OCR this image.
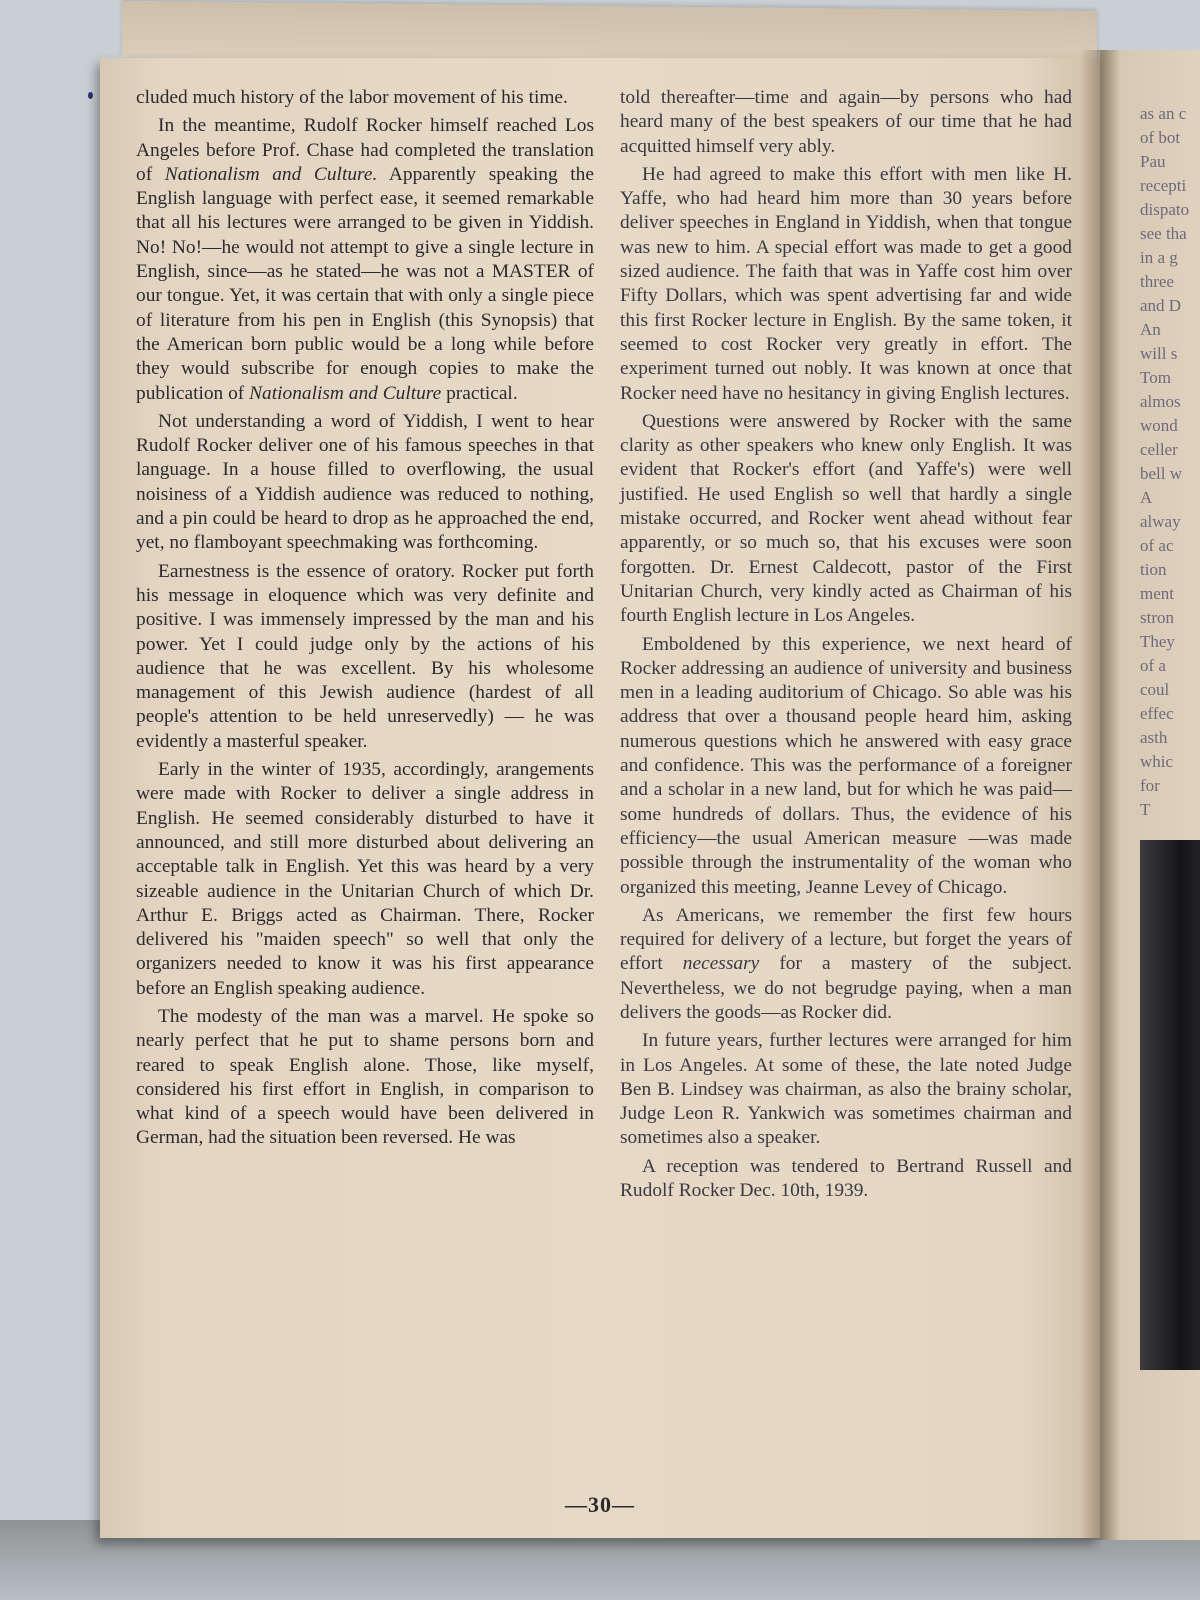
as an c
of bot
Pau
recepti
dispato
see tha
in a g
three
and D
An
will s
Tom
almos
wond
celler
bell w
A
alway
of ac
tion
ment
stron
They
of a
coul
effec
asth
whic
for
T

cluded much history of the labor movement of his time.

In the meantime, Rudolf Rocker himself reached Los Angeles before Prof. Chase had completed the translation of Nationalism and Culture. Apparently speaking the English language with perfect ease, it seemed remarkable that all his lectures were arranged to be given in Yiddish. No! No!—he would not attempt to give a single lecture in English, since—as he stated—he was not a MASTER of our tongue. Yet, it was certain that with only a single piece of literature from his pen in English (this Synopsis) that the American born public would be a long while before they would subscribe for enough copies to make the publication of Nationalism and Culture practical.

Not understanding a word of Yiddish, I went to hear Rudolf Rocker deliver one of his famous speeches in that language. In a house filled to overflowing, the usual noisiness of a Yiddish audience was reduced to nothing, and a pin could be heard to drop as he approached the end, yet, no flamboyant speechmaking was forthcoming.

Earnestness is the essence of oratory. Rocker put forth his message in eloquence which was very definite and positive. I was immensely impressed by the man and his power. Yet I could judge only by the actions of his audience that he was excellent. By his wholesome management of this Jewish audience (hardest of all people's attention to be held unreservedly) — he was evidently a masterful speaker.

Early in the winter of 1935, accordingly, arangements were made with Rocker to deliver a single address in English. He seemed considerably disturbed to have it announced, and still more disturbed about delivering an acceptable talk in English. Yet this was heard by a very sizeable audience in the Unitarian Church of which Dr. Arthur E. Briggs acted as Chairman. There, Rocker delivered his "maiden speech" so well that only the organizers needed to know it was his first appearance before an English speaking audience.

The modesty of the man was a marvel. He spoke so nearly perfect that he put to shame persons born and reared to speak English alone. Those, like myself, considered his first effort in English, in comparison to what kind of a speech would have been delivered in German, had the situation been reversed. He was

told thereafter—time and again—by persons who had heard many of the best speakers of our time that he had acquitted himself very ably.

He had agreed to make this effort with men like H. Yaffe, who had heard him more than 30 years before deliver speeches in England in Yiddish, when that tongue was new to him. A special effort was made to get a good sized audience. The faith that was in Yaffe cost him over Fifty Dollars, which was spent advertising far and wide this first Rocker lecture in English. By the same token, it seemed to cost Rocker very greatly in effort. The experiment turned out nobly. It was known at once that Rocker need have no hesitancy in giving English lectures.

Questions were answered by Rocker with the same clarity as other speakers who knew only English. It was evident that Rocker's effort (and Yaffe's) were well justified. He used English so well that hardly a single mistake occurred, and Rocker went ahead without fear apparently, or so much so, that his excuses were soon forgotten. Dr. Ernest Caldecott, pastor of the First Unitarian Church, very kindly acted as Chairman of his fourth English lecture in Los Angeles.

Emboldened by this experience, we next heard of Rocker addressing an audience of university and business men in a leading auditorium of Chicago. So able was his address that over a thousand people heard him, asking numerous questions which he answered with easy grace and confidence. This was the performance of a foreigner and a scholar in a new land, but for which he was paid—some hundreds of dollars. Thus, the evidence of his efficiency—the usual American measure —was made possible through the instrumentality of the woman who organized this meeting, Jeanne Levey of Chicago.

As Americans, we remember the first few hours required for delivery of a lecture, but forget the years of effort necessary for a mastery of the subject. Nevertheless, we do not begrudge paying, when a man delivers the goods—as Rocker did.

In future years, further lectures were arranged for him in Los Angeles. At some of these, the late noted Judge Ben B. Lindsey was chairman, as also the brainy scholar, Judge Leon R. Yankwich was sometimes chairman and sometimes also a speaker.

A reception was tendered to Bertrand Russell and Rudolf Rocker Dec. 10th, 1939.

—30—
